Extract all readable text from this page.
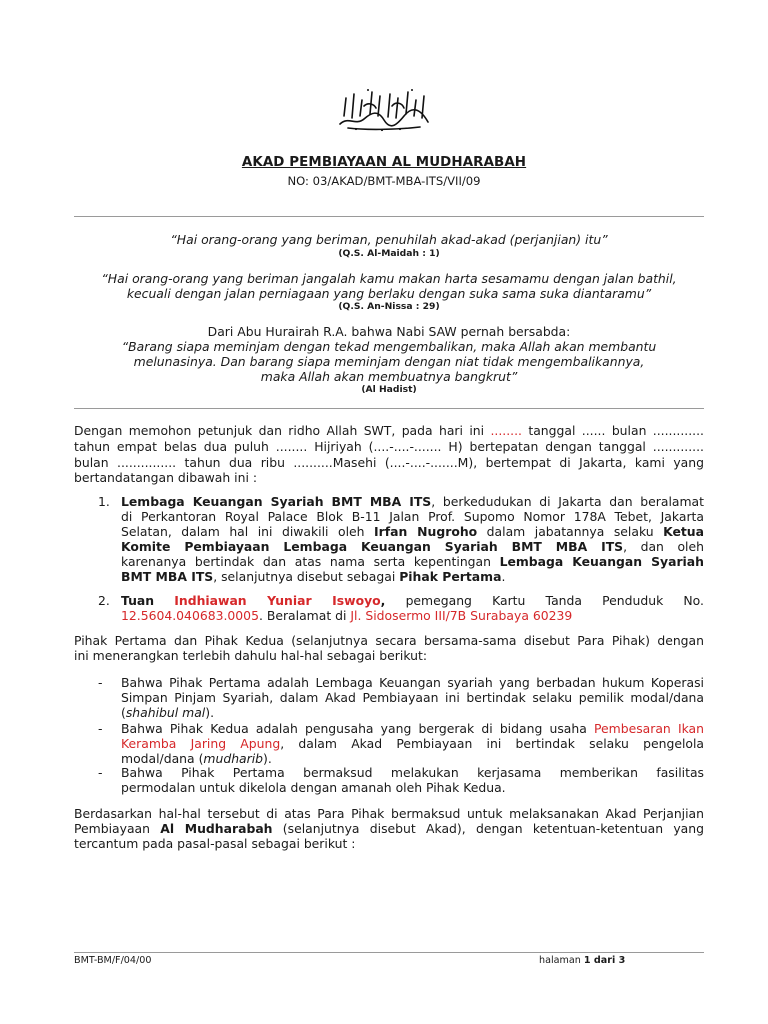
AKAD PEMBIAYAAN AL MUDHARABAH
NO: 03/AKAD/BMT-MBA-ITS/VII/09
“Hai orang-orang yang beriman, penuhilah akad-akad (perjanjian) itu”
(Q.S. Al-Maidah : 1)
“Hai orang-orang yang beriman jangalah kamu makan harta sesamamu dengan jalan bathil,
kecuali dengan jalan perniagaan yang berlaku dengan suka sama suka diantaramu”
(Q.S. An-Nissa : 29)
Dari Abu Hurairah R.A. bahwa Nabi SAW pernah bersabda:
“Barang siapa meminjam dengan tekad mengembalikan, maka Allah akan membantu
melunasinya. Dan barang siapa meminjam dengan niat tidak mengembalikannya,
maka Allah akan membuatnya bangkrut”
(Al Hadist)
Dengan memohon petunjuk dan ridho Allah SWT, pada hari ini ........ tanggal ...... bulan .............
tahun empat belas dua puluh ........ Hijriyah (....-....-....... H) bertepatan dengan tanggal .............
bulan ............... tahun dua ribu ..........Masehi (....-....-.......M), bertempat di Jakarta, kami yang
bertandatangan dibawah ini :
1. Lembaga Keuangan Syariah BMT MBA ITS, berkedudukan di Jakarta dan beralamat
di Perkantoran Royal Palace Blok B-11 Jalan Prof. Supomo Nomor 178A Tebet, Jakarta
Selatan, dalam hal ini diwakili oleh Irfan Nugroho dalam jabatannya selaku Ketua
Komite Pembiayaan Lembaga Keuangan Syariah BMT MBA ITS, dan oleh
karenanya bertindak dan atas nama serta kepentingan Lembaga Keuangan Syariah
BMT MBA ITS, selanjutnya disebut sebagai Pihak Pertama.
2. Tuan Indhiawan Yuniar Iswoyo, pemegang Kartu Tanda Penduduk No.
12.5604.040683.0005. Beralamat di Jl. Sidosermo III/7B Surabaya 60239
Pihak Pertama dan Pihak Kedua (selanjutnya secara bersama-sama disebut Para Pihak) dengan
ini menerangkan terlebih dahulu hal-hal sebagai berikut:
- Bahwa Pihak Pertama adalah Lembaga Keuangan syariah yang berbadan hukum Koperasi
Simpan Pinjam Syariah, dalam Akad Pembiayaan ini bertindak selaku pemilik modal/dana
(shahibul mal).
- Bahwa Pihak Kedua adalah pengusaha yang bergerak di bidang usaha Pembesaran Ikan
Keramba Jaring Apung, dalam Akad Pembiayaan ini bertindak selaku pengelola
modal/dana (mudharib).
- Bahwa Pihak Pertama bermaksud melakukan kerjasama memberikan fasilitas
permodalan untuk dikelola dengan amanah oleh Pihak Kedua.
Berdasarkan hal-hal tersebut di atas Para Pihak bermaksud untuk melaksanakan Akad Perjanjian
Pembiayaan Al Mudharabah (selanjutnya disebut Akad), dengan ketentuan-ketentuan yang
tercantum pada pasal-pasal sebagai berikut :
BMT-BM/F/04/00	halaman 1 dari 3
